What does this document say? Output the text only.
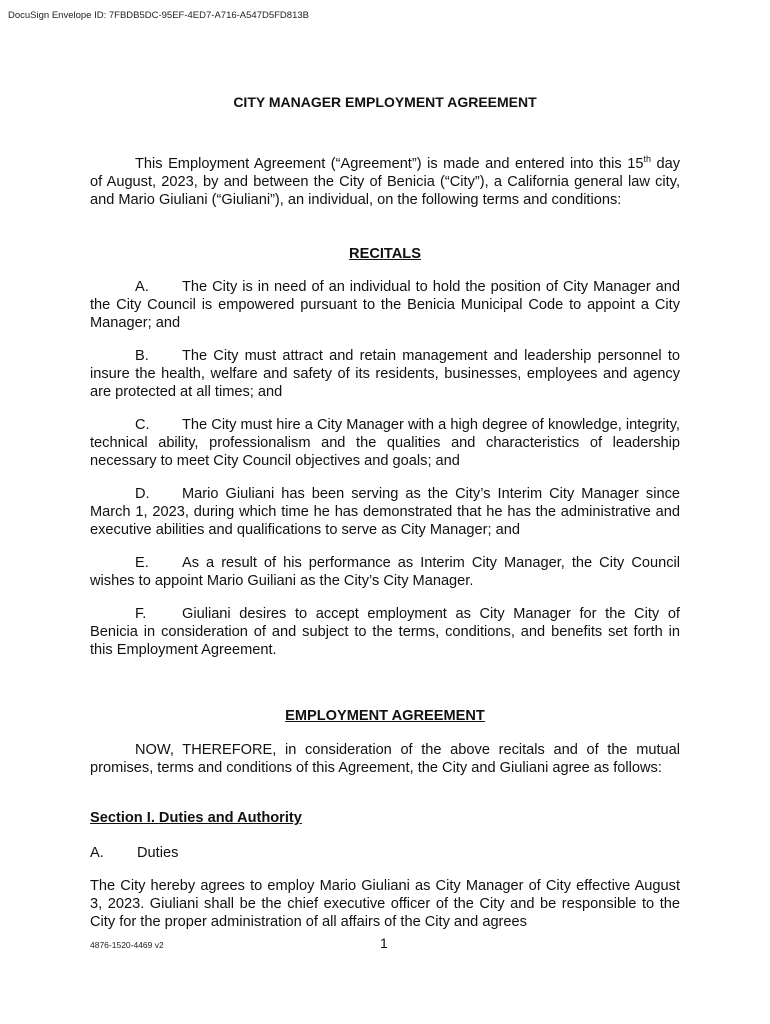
DocuSign Envelope ID: 7FBDB5DC-95EF-4ED7-A716-A547D5FD813B
CITY MANAGER EMPLOYMENT AGREEMENT

This Employment Agreement (“Agreement”) is made and entered into this 15th day of August, 2023, by and between the City of Benicia (“City”), a California general law city, and Mario Giuliani (“Giuliani”), an individual, on the following terms and conditions:

RECITALS

A. The City is in need of an individual to hold the position of City Manager and the City Council is empowered pursuant to the Benicia Municipal Code to appoint a City Manager; and

B. The City must attract and retain management and leadership personnel to insure the health, welfare and safety of its residents, businesses, employees and agency are protected at all times; and

C. The City must hire a City Manager with a high degree of knowledge, integrity, technical ability, professionalism and the qualities and characteristics of leadership necessary to meet City Council objectives and goals; and

D. Mario Giuliani has been serving as the City’s Interim City Manager since March 1, 2023, during which time he has demonstrated that he has the administrative and executive abilities and qualifications to serve as City Manager; and

E. As a result of his performance as Interim City Manager, the City Council wishes to appoint Mario Guiliani as the City’s City Manager.

F. Giuliani desires to accept employment as City Manager for the City of Benicia in consideration of and subject to the terms, conditions, and benefits set forth in this Employment Agreement.

EMPLOYMENT AGREEMENT

NOW, THEREFORE, in consideration of the above recitals and of the mutual promises, terms and conditions of this Agreement, the City and Giuliani agree as follows:

Section I. Duties and Authority
A. Duties

The City hereby agrees to employ Mario Giuliani as City Manager of City effective August 3, 2023. Giuliani shall be the chief executive officer of the City and be responsible to the City for the proper administration of all affairs of the City and agrees

4876-1520-4469 v2	1
